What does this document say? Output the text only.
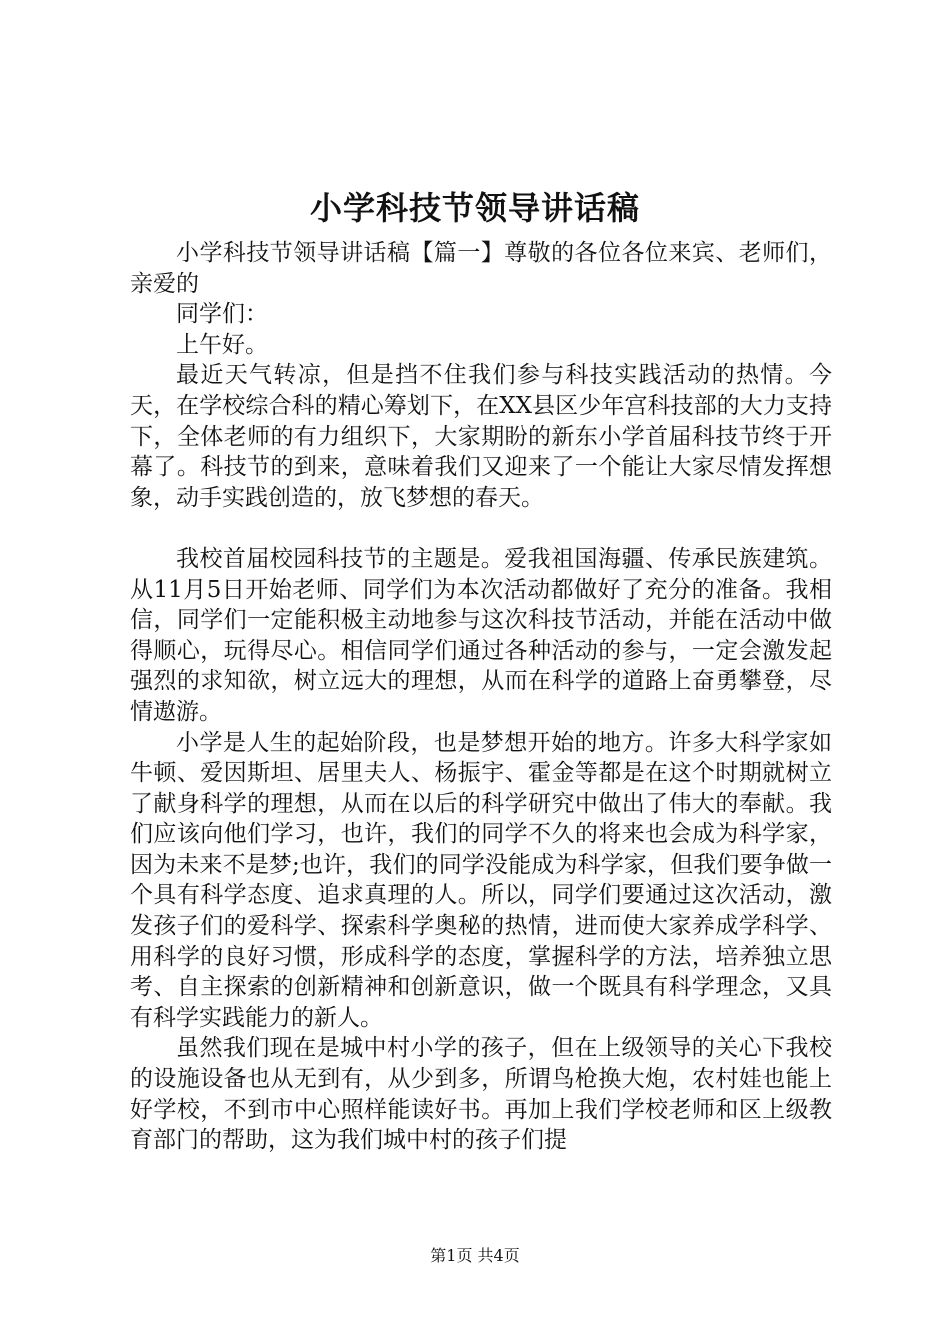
小学科技节领导讲话稿

小学科技节领导讲话稿【篇一】尊敬的各位各位来宾、老师们，亲爱的

同学们：

上午好。

最近天气转凉，但是挡不住我们参与科技实践活动的热情。今天，在学校综合科的精心筹划下，在XX县区少年宫科技部的大力支持下，全体老师的有力组织下，大家期盼的新东小学首届科技节终于开幕了。科技节的到来，意味着我们又迎来了一个能让大家尽情发挥想象，动手实践创造的，放飞梦想的春天。

我校首届校园科技节的主题是。爱我祖国海疆、传承民族建筑。从11月5日开始老师、同学们为本次活动都做好了充分的准备。我相信，同学们一定能积极主动地参与这次科技节活动，并能在活动中做得顺心，玩得尽心。相信同学们通过各种活动的参与，一定会激发起强烈的求知欲，树立远大的理想，从而在科学的道路上奋勇攀登，尽情遨游。

小学是人生的起始阶段，也是梦想开始的地方。许多大科学家如牛顿、爱因斯坦、居里夫人、杨振宇、霍金等都是在这个时期就树立了献身科学的理想，从而在以后的科学研究中做出了伟大的奉献。我们应该向他们学习，也许，我们的同学不久的将来也会成为科学家，因为未来不是梦;也许，我们的同学没能成为科学家，但我们要争做一个具有科学态度、追求真理的人。所以，同学们要通过这次活动，激发孩子们的爱科学、探索科学奥秘的热情，进而使大家养成学科学、用科学的良好习惯，形成科学的态度，掌握科学的方法，培养独立思考、自主探索的创新精神和创新意识，做一个既具有科学理念，又具有科学实践能力的新人。

虽然我们现在是城中村小学的孩子，但在上级领导的关心下我校的设施设备也从无到有，从少到多，所谓鸟枪换大炮，农村娃也能上好学校，不到市中心照样能读好书。再加上我们学校老师和区上级教育部门的帮助，这为我们城中村的孩子们提

第1页 共4页
